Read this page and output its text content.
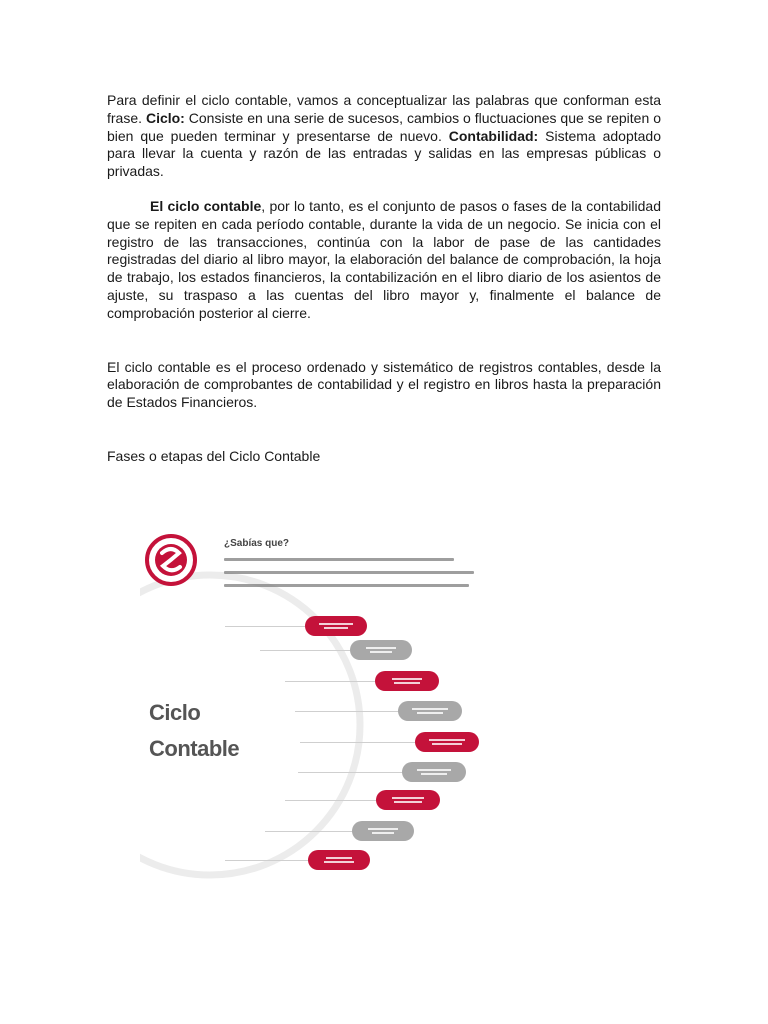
Para definir el ciclo contable, vamos a conceptualizar las palabras que conforman esta frase. Ciclo: Consiste en una serie de sucesos, cambios o fluctuaciones que se repiten o bien que pueden terminar y presentarse de nuevo. Contabilidad: Sistema adoptado para llevar la cuenta y razón de las entradas y salidas en las empresas públicas o privadas.

El ciclo contable, por lo tanto, es el conjunto de pasos o fases de la contabilidad que se repiten en cada período contable, durante la vida de un negocio. Se inicia con el registro de las transacciones, continúa con la labor de pase de las cantidades registradas del diario al libro mayor, la elaboración del balance de comprobación, la hoja de trabajo, los estados financieros, la contabilización en el libro diario de los asientos de ajuste, su traspaso a las cuentas del libro mayor y, finalmente el balance de comprobación posterior al cierre.

El ciclo contable es el proceso ordenado y sistemático de registros contables, desde la elaboración de comprobantes de contabilidad y el registro en libros hasta la preparación de Estados Financieros.

Fases o etapas del Ciclo Contable

¿Sabías que?
Ciclo
Contable
